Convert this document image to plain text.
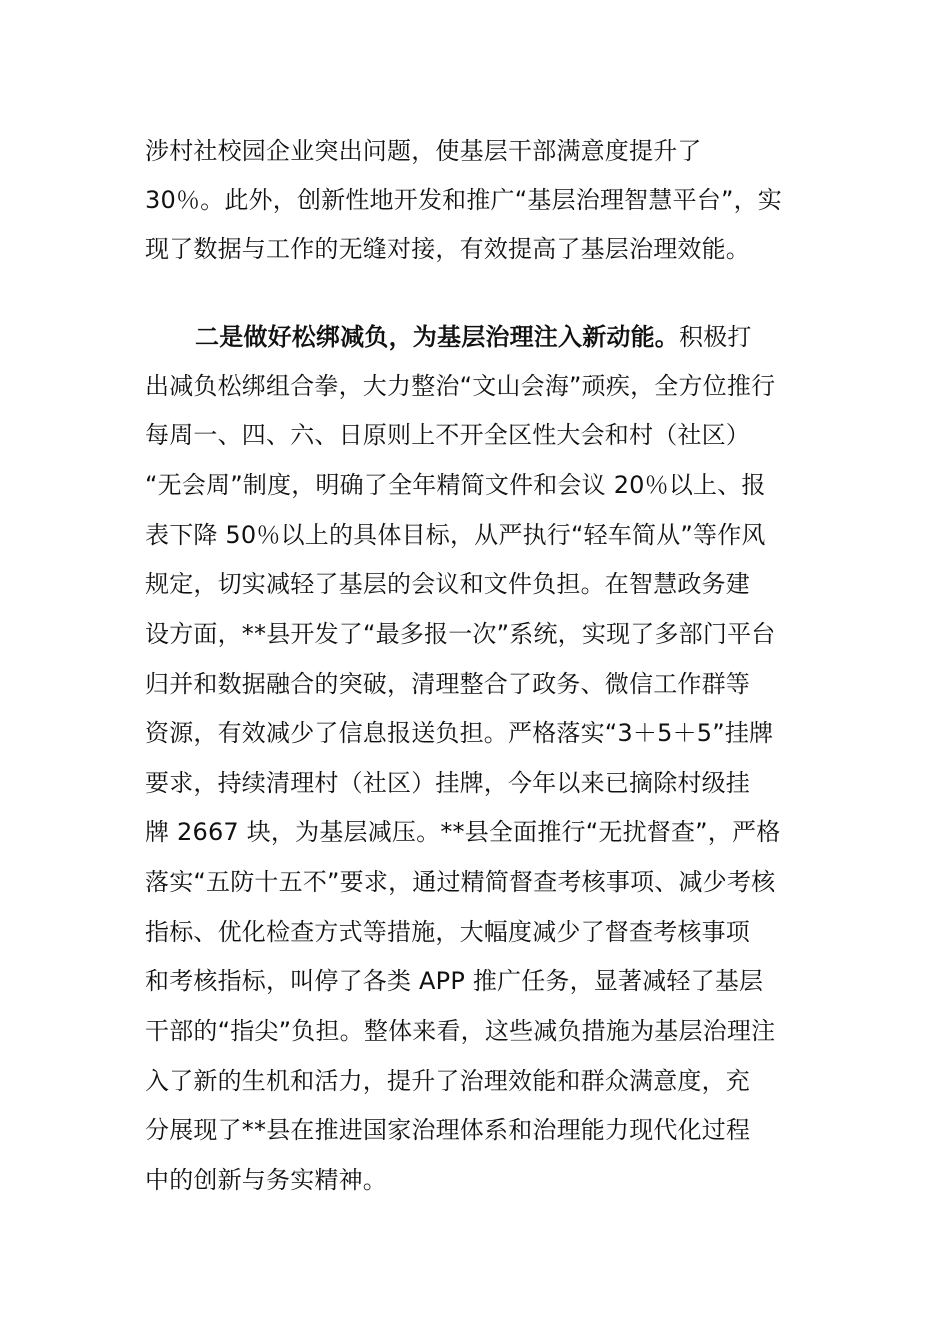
涉村社校园企业突出问题，使基层干部满意度提升了
30％。此外，创新性地开发和推广“基层治理智慧平台”，实
现了数据与工作的无缝对接，有效提高了基层治理效能。
二是做好松绑减负，为基层治理注入新动能。积极打
出减负松绑组合拳，大力整治“文山会海”顽疾，全方位推行
每周一、四、六、日原则上不开全区性大会和村（社区）
“无会周”制度，明确了全年精简文件和会议 20％以上、报
表下降 50％以上的具体目标，从严执行“轻车简从”等作风
规定，切实减轻了基层的会议和文件负担。在智慧政务建
设方面，**县开发了“最多报一次”系统，实现了多部门平台
归并和数据融合的突破，清理整合了政务、微信工作群等
资源，有效减少了信息报送负担。严格落实“3＋5＋5”挂牌
要求，持续清理村（社区）挂牌，今年以来已摘除村级挂
牌 2667 块，为基层减压。**县全面推行“无扰督查”，严格
落实“五防十五不”要求，通过精简督查考核事项、减少考核
指标、优化检查方式等措施，大幅度减少了督查考核事项
和考核指标，叫停了各类 APP 推广任务，显著减轻了基层
干部的“指尖”负担。整体来看，这些减负措施为基层治理注
入了新的生机和活力，提升了治理效能和群众满意度，充
分展现了**县在推进国家治理体系和治理能力现代化过程
中的创新与务实精神。
